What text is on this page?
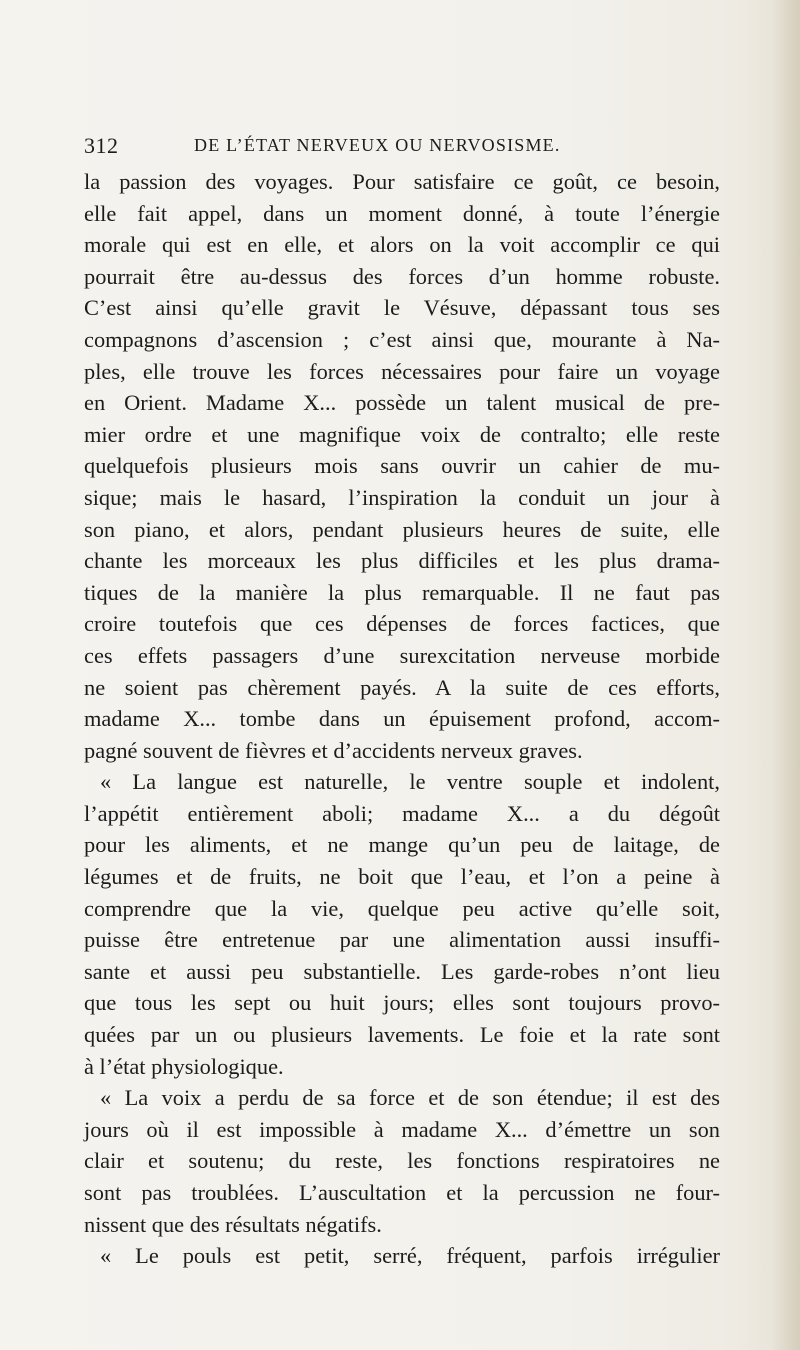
312	DE L’ÉTAT NERVEUX OU NERVOSISME.
la passion des voyages. Pour satisfaire ce goût, ce besoin,
elle fait appel, dans un moment donné, à toute l’énergie
morale qui est en elle, et alors on la voit accomplir ce qui
pourrait être au-dessus des forces d’un homme robuste.
C’est ainsi qu’elle gravit le Vésuve, dépassant tous ses
compagnons d’ascension ; c’est ainsi que, mourante à Na-
ples, elle trouve les forces nécessaires pour faire un voyage
en Orient. Madame X... possède un talent musical de pre-
mier ordre et une magnifique voix de contralto; elle reste
quelquefois plusieurs mois sans ouvrir un cahier de mu-
sique; mais le hasard, l’inspiration la conduit un jour à
son piano, et alors, pendant plusieurs heures de suite, elle
chante les morceaux les plus difficiles et les plus drama-
tiques de la manière la plus remarquable. Il ne faut pas
croire toutefois que ces dépenses de forces factices, que
ces effets passagers d’une surexcitation nerveuse morbide
ne soient pas chèrement payés. A la suite de ces efforts,
madame X... tombe dans un épuisement profond, accom-
pagné souvent de fièvres et d’accidents nerveux graves.
« La langue est naturelle, le ventre souple et indolent,
l’appétit entièrement aboli; madame X... a du dégoût
pour les aliments, et ne mange qu’un peu de laitage, de
légumes et de fruits, ne boit que l’eau, et l’on a peine à
comprendre que la vie, quelque peu active qu’elle soit,
puisse être entretenue par une alimentation aussi insuffi-
sante et aussi peu substantielle. Les garde-robes n’ont lieu
que tous les sept ou huit jours; elles sont toujours provo-
quées par un ou plusieurs lavements. Le foie et la rate sont
à l’état physiologique.
« La voix a perdu de sa force et de son étendue; il est des
jours où il est impossible à madame X... d’émettre un son
clair et soutenu; du reste, les fonctions respiratoires ne
sont pas troublées. L’auscultation et la percussion ne four-
nissent que des résultats négatifs.
« Le pouls est petit, serré, fréquent, parfois irrégulier
